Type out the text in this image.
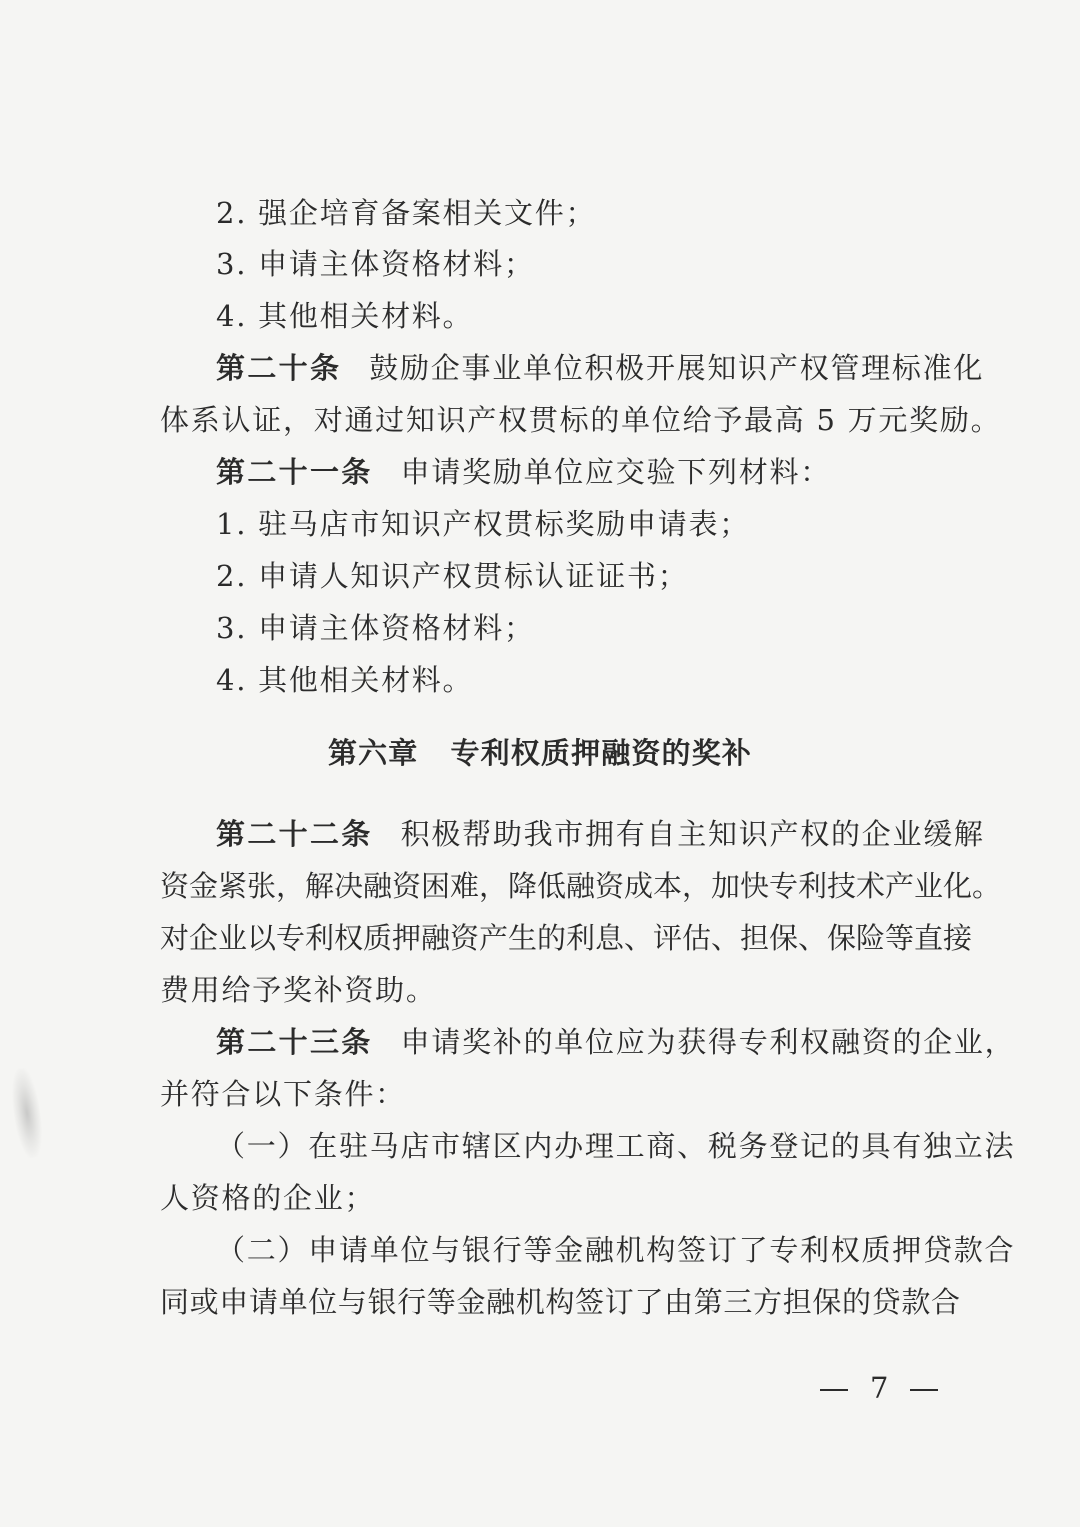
2. 强企培育备案相关文件；
3. 申请主体资格材料；
4. 其他相关材料。
第二十条 鼓励企事业单位积极开展知识产权管理标准化
体系认证，对通过知识产权贯标的单位给予最高 5 万元奖励。
第二十一条 申请奖励单位应交验下列材料：
1. 驻马店市知识产权贯标奖励申请表；
2. 申请人知识产权贯标认证证书；
3. 申请主体资格材料；
4. 其他相关材料。
第六章 专利权质押融资的奖补
第二十二条 积极帮助我市拥有自主知识产权的企业缓解
资金紧张，解决融资困难，降低融资成本，加快专利技术产业化。
对企业以专利权质押融资产生的利息、评估、担保、保险等直接
费用给予奖补资助。
第二十三条 申请奖补的单位应为获得专利权融资的企业，
并符合以下条件：
（一）在驻马店市辖区内办理工商、税务登记的具有独立法
人资格的企业；
（二）申请单位与银行等金融机构签订了专利权质押贷款合
同或申请单位与银行等金融机构签订了由第三方担保的贷款合
7
